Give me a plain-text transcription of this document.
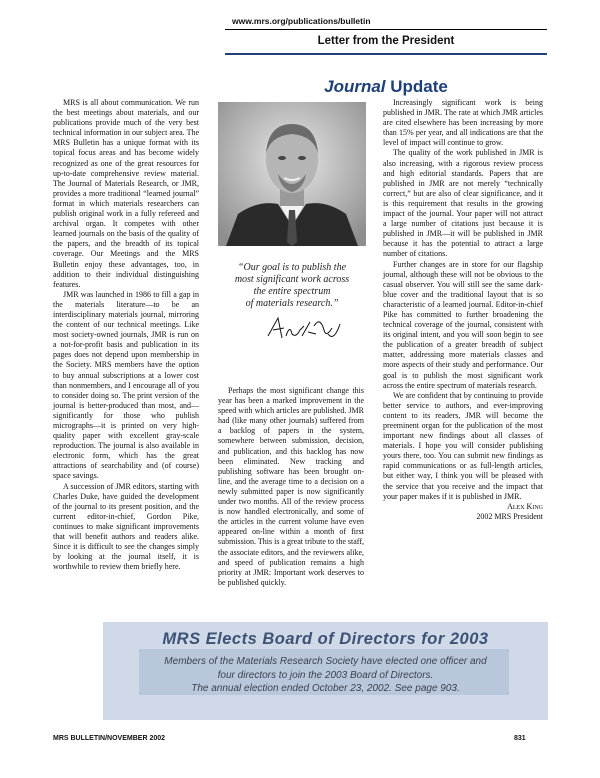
www.mrs.org/publications/bulletin
Letter from the President
Journal Update

MRS is all about communication. We run the best meetings about materials, and our publications provide much of the very best technical information in our subject area. The MRS Bulletin has a unique format with its topical focus areas and has become widely recognized as one of the great resources for up-to-date comprehensive review material. The Journal of Materials Research, or JMR, provides a more traditional “learned journal” format in which materials researchers can publish original work in a fully refereed and archival organ. It competes with other learned journals on the basis of the quality of the papers, and the breadth of its topical coverage. Our Meetings and the MRS Bulletin enjoy these advantages, too, in addition to their individual distinguishing features.

JMR was launched in 1986 to fill a gap in the materials literature—to be an interdisciplinary materials journal, mirroring the content of our technical meetings. Like most society-owned journals, JMR is run on a not-for-profit basis and publication in its pages does not depend upon membership in the Society. MRS members have the option to buy annual subscriptions at a lower cost than nonmembers, and I encourage all of you to consider doing so. The print version of the journal is better-produced than most, and—significantly for those who publish micrographs—it is printed on very high-quality paper with excellent gray-scale reproduction. The journal is also available in electronic form, which has the great attractions of searchability and (of course) space savings.

A succession of JMR editors, starting with Charles Duke, have guided the development of the journal to its present position, and the current editor-in-chief, Gordon Pike, continues to make significant improvements that will benefit authors and readers alike. Since it is difficult to see the changes simply by looking at the journal itself, it is worthwhile to review them briefly here.

“Our goal is to publish the
most significant work across
the entire spectrum
of materials research.”

Perhaps the most significant change this year has been a marked improvement in the speed with which articles are published. JMR had (like many other journals) suffered from a backlog of papers in the system, somewhere between submission, decision, and publication, and this backlog has now been eliminated. New tracking and publishing software has been brought on-line, and the average time to a decision on a newly submitted paper is now significantly under two months. All of the review process is now handled electronically, and some of the articles in the current volume have even appeared on-line within a month of first submission. This is a great tribute to the staff, the associate editors, and the reviewers alike, and speed of publication remains a high priority at JMR: Important work deserves to be published quickly.

Increasingly significant work is being published in JMR. The rate at which JMR articles are cited elsewhere has been increasing by more than 15% per year, and all indications are that the level of impact will continue to grow.

The quality of the work published in JMR is also increasing, with a rigorous review process and high editorial standards. Papers that are published in JMR are not merely “technically correct,” but are also of clear significance, and it is this requirement that results in the growing impact of the journal. Your paper will not attract a large number of citations just because it is published in JMR—it will be published in JMR because it has the potential to attract a large number of citations.

Further changes are in store for our flagship journal, although these will not be obvious to the casual observer. You will still see the same dark-blue cover and the traditional layout that is so characteristic of a learned journal. Editor-in-chief Pike has committed to further broadening the technical coverage of the journal, consistent with its original intent, and you will soon begin to see the publication of a greater breadth of subject matter, addressing more materials classes and more aspects of their study and performance. Our goal is to publish the most significant work across the entire spectrum of materials research.

We are confident that by continuing to provide better service to authors, and ever-improving content to its readers, JMR will become the preeminent organ for the publication of the most important new findings about all classes of materials. I hope you will consider publishing yours there, too. You can submit new findings as rapid communications or as full-length articles, but either way, I think you will be pleased with the service that you receive and the impact that your paper makes if it is published in JMR.

Alex King
2002 MRS President
MRS Elects Board of Directors for 2003
Members of the Materials Research Society have elected one officer and
four directors to join the 2003 Board of Directors.
The annual election ended October 23, 2002. See page 903.
MRS BULLETIN/NOVEMBER 2002	831
